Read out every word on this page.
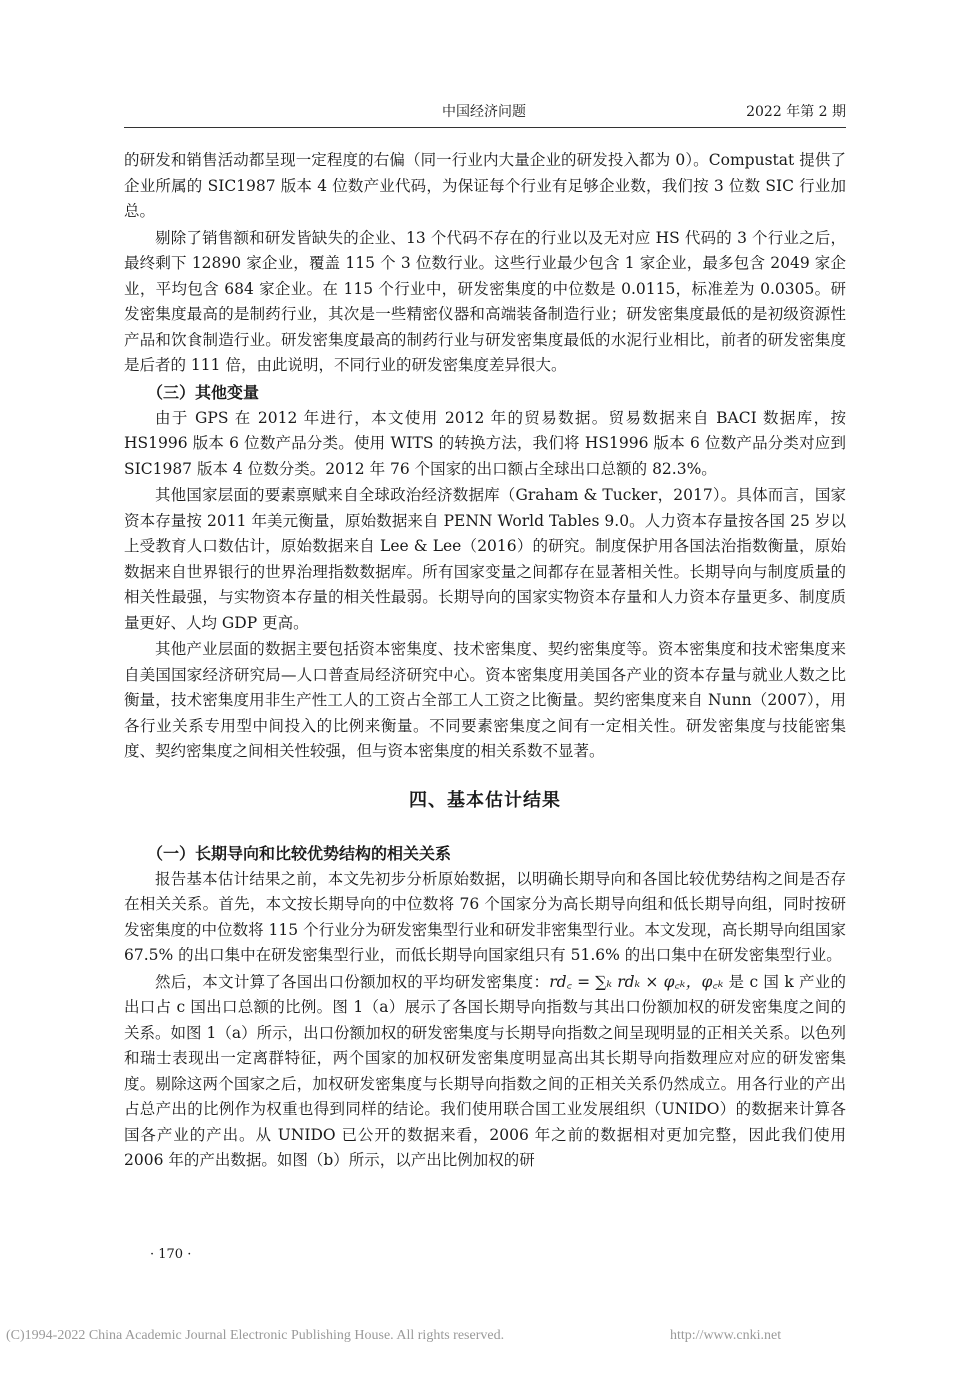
中国经济问题	2022 年第 2 期

的研发和销售活动都呈现一定程度的右偏（同一行业内大量企业的研发投入都为 0）。Compustat 提供了企业所属的 SIC1987 版本 4 位数产业代码，为保证每个行业有足够企业数，我们按 3 位数 SIC 行业加总。

剔除了销售额和研发皆缺失的企业、13 个代码不存在的行业以及无对应 HS 代码的 3 个行业之后，最终剩下 12890 家企业，覆盖 115 个 3 位数行业。这些行业最少包含 1 家企业，最多包含 2049 家企业，平均包含 684 家企业。在 115 个行业中，研发密集度的中位数是 0.0115，标准差为 0.0305。研发密集度最高的是制药行业，其次是一些精密仪器和高端装备制造行业；研发密集度最低的是初级资源性产品和饮食制造行业。研发密集度最高的制药行业与研发密集度最低的水泥行业相比，前者的研发密集度是后者的 111 倍，由此说明，不同行业的研发密集度差异很大。

（三）其他变量

由于 GPS 在 2012 年进行，本文使用 2012 年的贸易数据。贸易数据来自 BACI 数据库，按 HS1996 版本 6 位数产品分类。使用 WITS 的转换方法，我们将 HS1996 版本 6 位数产品分类对应到 SIC1987 版本 4 位数分类。2012 年 76 个国家的出口额占全球出口总额的 82.3%。

其他国家层面的要素禀赋来自全球政治经济数据库（Graham & Tucker，2017）。具体而言，国家资本存量按 2011 年美元衡量，原始数据来自 PENN World Tables 9.0。人力资本存量按各国 25 岁以上受教育人口数估计，原始数据来自 Lee & Lee（2016）的研究。制度保护用各国法治指数衡量，原始数据来自世界银行的世界治理指数数据库。所有国家变量之间都存在显著相关性。长期导向与制度质量的相关性最强，与实物资本存量的相关性最弱。长期导向的国家实物资本存量和人力资本存量更多、制度质量更好、人均 GDP 更高。

其他产业层面的数据主要包括资本密集度、技术密集度、契约密集度等。资本密集度和技术密集度来自美国国家经济研究局—人口普查局经济研究中心。资本密集度用美国各产业的资本存量与就业人数之比衡量，技术密集度用非生产性工人的工资占全部工人工资之比衡量。契约密集度来自 Nunn（2007），用各行业关系专用型中间投入的比例来衡量。不同要素密集度之间有一定相关性。研发密集度与技能密集度、契约密集度之间相关性较强，但与资本密集度的相关系数不显著。

四、基本估计结果
（一）长期导向和比较优势结构的相关关系

报告基本估计结果之前，本文先初步分析原始数据，以明确长期导向和各国比较优势结构之间是否存在相关关系。首先，本文按长期导向的中位数将 76 个国家分为高长期导向组和低长期导向组，同时按研发密集度的中位数将 115 个行业分为研发密集型行业和研发非密集型行业。本文发现，高长期导向组国家 67.5% 的出口集中在研发密集型行业，而低长期导向国家组只有 51.6% 的出口集中在研发密集型行业。

然后，本文计算了各国出口份额加权的平均研发密集度：rd꜀ = ∑ₖ rdₖ × φ꜀ₖ，φ꜀ₖ 是 c 国 k 产业的出口占 c 国出口总额的比例。图 1（a）展示了各国长期导向指数与其出口份额加权的研发密集度之间的关系。如图 1（a）所示，出口份额加权的研发密集度与长期导向指数之间呈现明显的正相关关系。以色列和瑞士表现出一定离群特征，两个国家的加权研发密集度明显高出其长期导向指数理应对应的研发密集度。剔除这两个国家之后，加权研发密集度与长期导向指数之间的正相关关系仍然成立。用各行业的产出占总产出的比例作为权重也得到同样的结论。我们使用联合国工业发展组织（UNIDO）的数据来计算各国各产业的产出。从 UNIDO 已公开的数据来看，2006 年之前的数据相对更加完整，因此我们使用 2006 年的产出数据。如图（b）所示，以产出比例加权的研

· 170 ·
(C)1994-2022 China Academic Journal Electronic Publishing House. All rights reserved.	http://www.cnki.net
